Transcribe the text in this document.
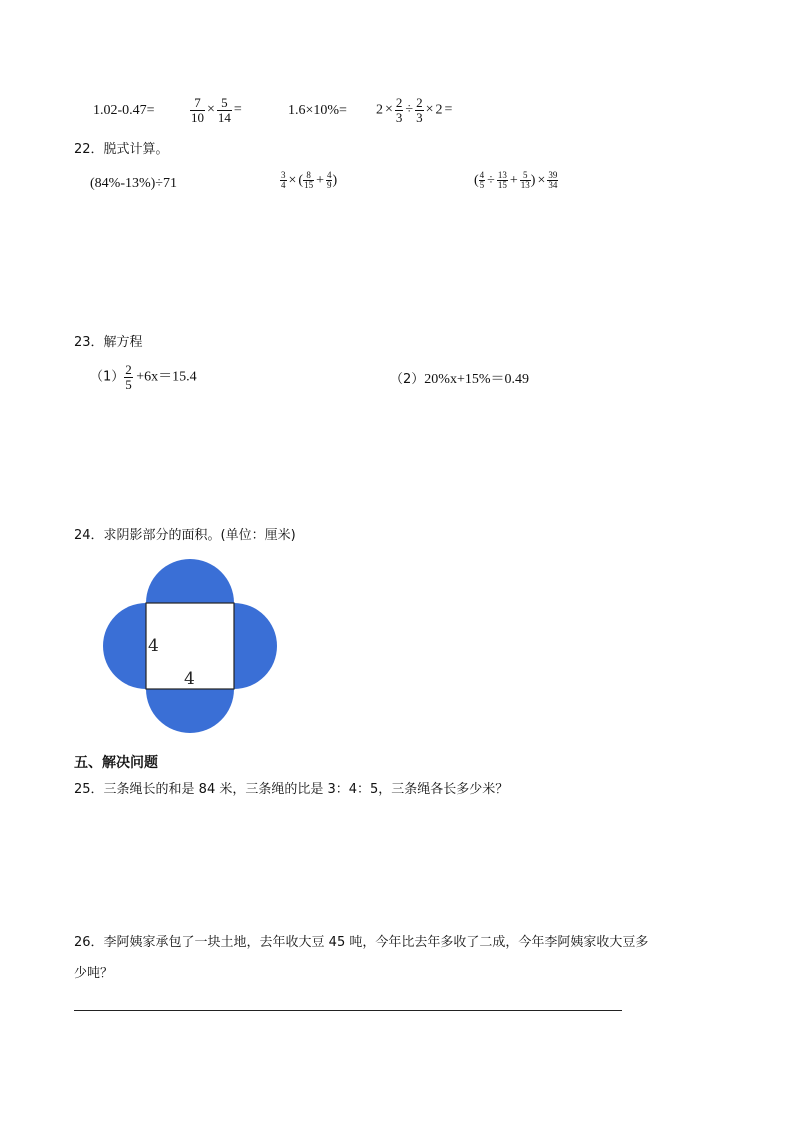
1.02-0.47=	$\frac{7}{10} \times \frac{5}{14}$ =	$1.6\times 10\%= 2 \times \frac{2}{3} \div \frac{2}{3} \times 2$ =
22．脱式计算。
(84%-13%)÷71	$\frac{3}{4}$ × ( $\frac{8}{15} + \frac{4}{9}$ )	( $\frac{4}{5} \div \frac{13}{15} + \frac{5}{13}$ ) × $\frac{39}{34}$
23．解方程
$(1) \frac{2}{5} +6x=15.4$	（2）20%x+15%＝0.49
24．求阴影部分的面积。(单位：厘米)
4
4
五、解决问题
25．三条绳长的和是 84 米，三条绳的比是 3：4：5，三条绳各长多少米？
26．李阿姨家承包了一块土地，去年收大豆 45 吨，今年比去年多收了二成，今年李阿姨家收大豆多
少吨？
